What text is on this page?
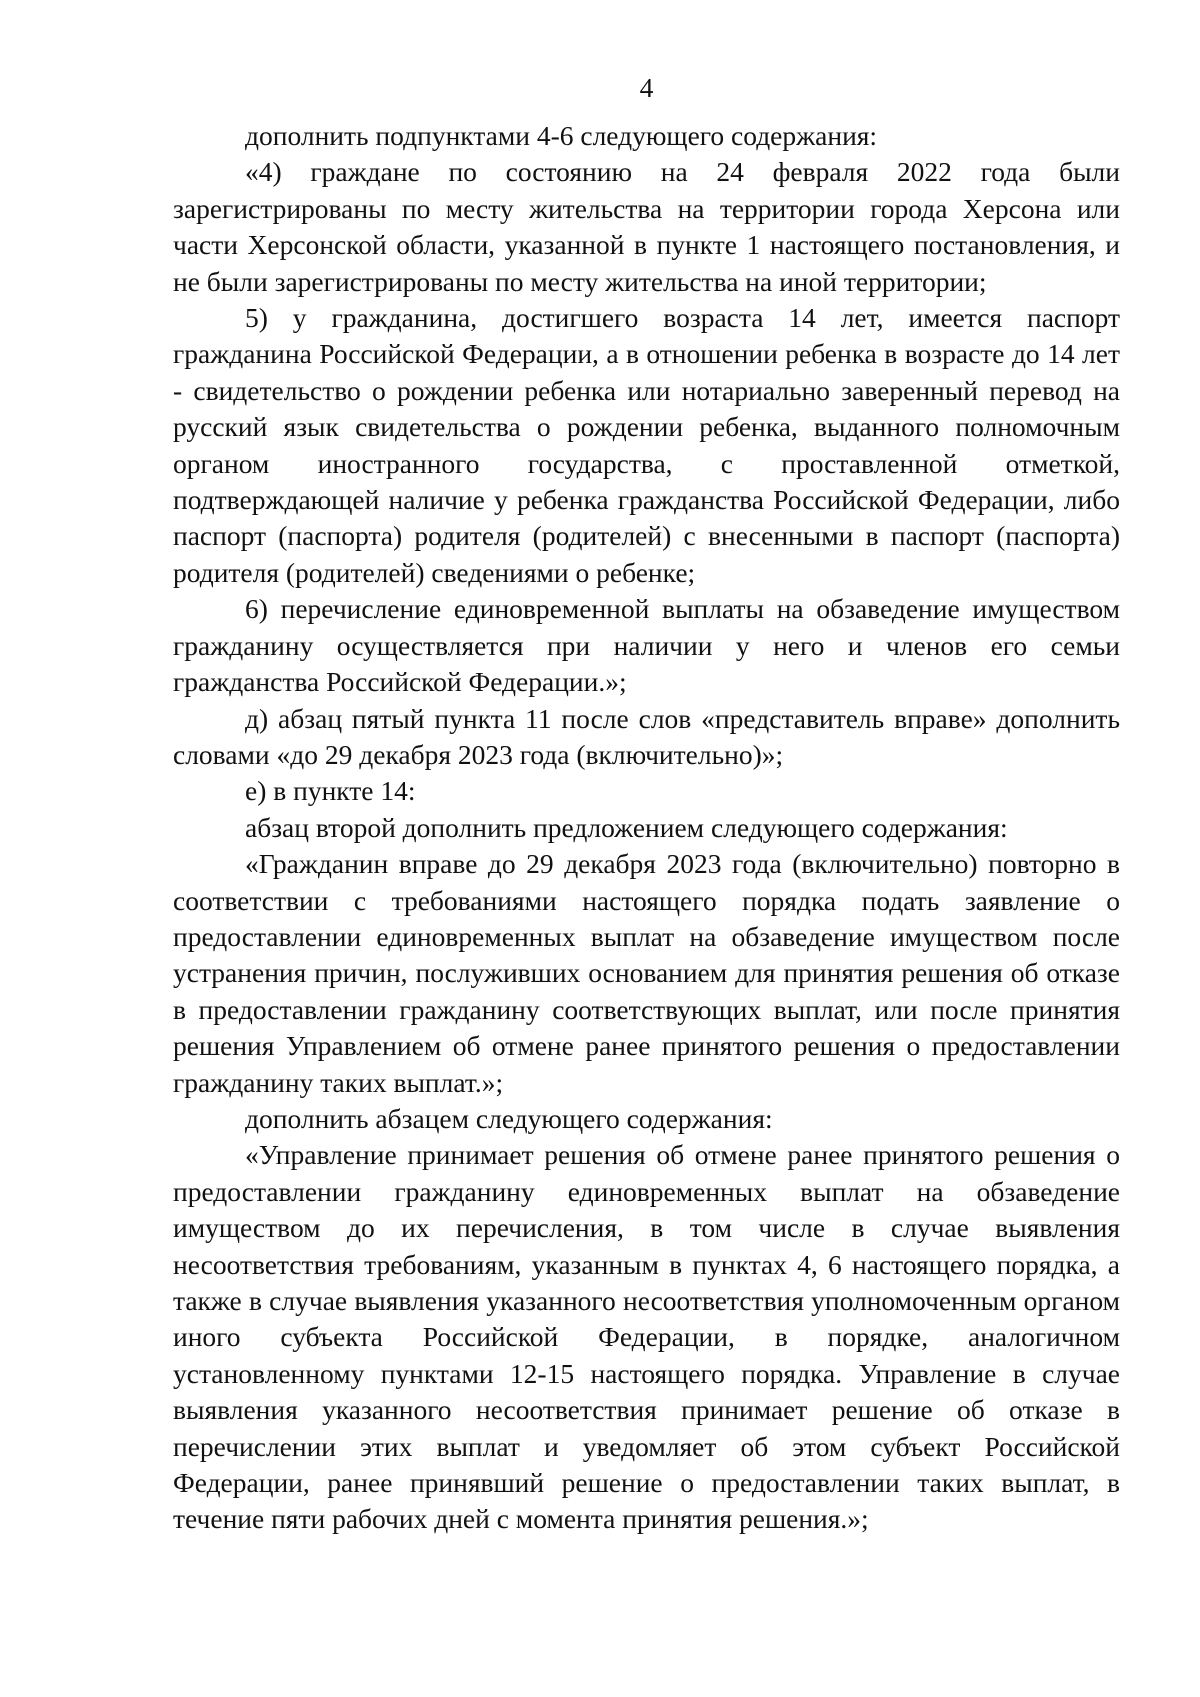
4

дополнить подпунктами 4-6 следующего содержания:

«4) граждане по состоянию на 24 февраля 2022 года были зарегистрированы по месту жительства на территории города Херсона или части Херсонской области, указанной в пункте 1 настоящего постановления, и не были зарегистрированы по месту жительства на иной территории;

5) у гражданина, достигшего возраста 14 лет, имеется паспорт гражданина Российской Федерации, а в отношении ребенка в возрасте до 14 лет - свидетельство о рождении ребенка или нотариально заверенный перевод на русский язык свидетельства о рождении ребенка, выданного полномочным органом иностранного государства, с проставленной отметкой, подтверждающей наличие у ребенка гражданства Российской Федерации, либо паспорт (паспорта) родителя (родителей) с внесенными в паспорт (паспорта) родителя (родителей) сведениями о ребенке;

6) перечисление единовременной выплаты на обзаведение имуществом гражданину осуществляется при наличии у него и членов его семьи гражданства Российской Федерации.»;

д) абзац пятый пункта 11 после слов «представитель вправе» дополнить словами «до 29 декабря 2023 года (включительно)»;

е) в пункте 14:

абзац второй дополнить предложением следующего содержания:

«Гражданин вправе до 29 декабря 2023 года (включительно) повторно в соответствии с требованиями настоящего порядка подать заявление о предоставлении единовременных выплат на обзаведение имуществом после устранения причин, послуживших основанием для принятия решения об отказе в предоставлении гражданину соответствующих выплат, или после принятия решения Управлением об отмене ранее принятого решения о предоставлении гражданину таких выплат.»;

дополнить абзацем следующего содержания:

«Управление принимает решения об отмене ранее принятого решения о предоставлении гражданину единовременных выплат на обзаведение имуществом до их перечисления, в том числе в случае выявления несоответствия требованиям, указанным в пунктах 4, 6 настоящего порядка, а также в случае выявления указанного несоответствия уполномоченным органом иного субъекта Российской Федерации, в порядке, аналогичном установленному пунктами 12-15 настоящего порядка. Управление в случае выявления указанного несоответствия принимает решение об отказе в перечислении этих выплат и уведомляет об этом субъект Российской Федерации, ранее принявший решение о предоставлении таких выплат, в течение пяти рабочих дней с момента принятия решения.»;
